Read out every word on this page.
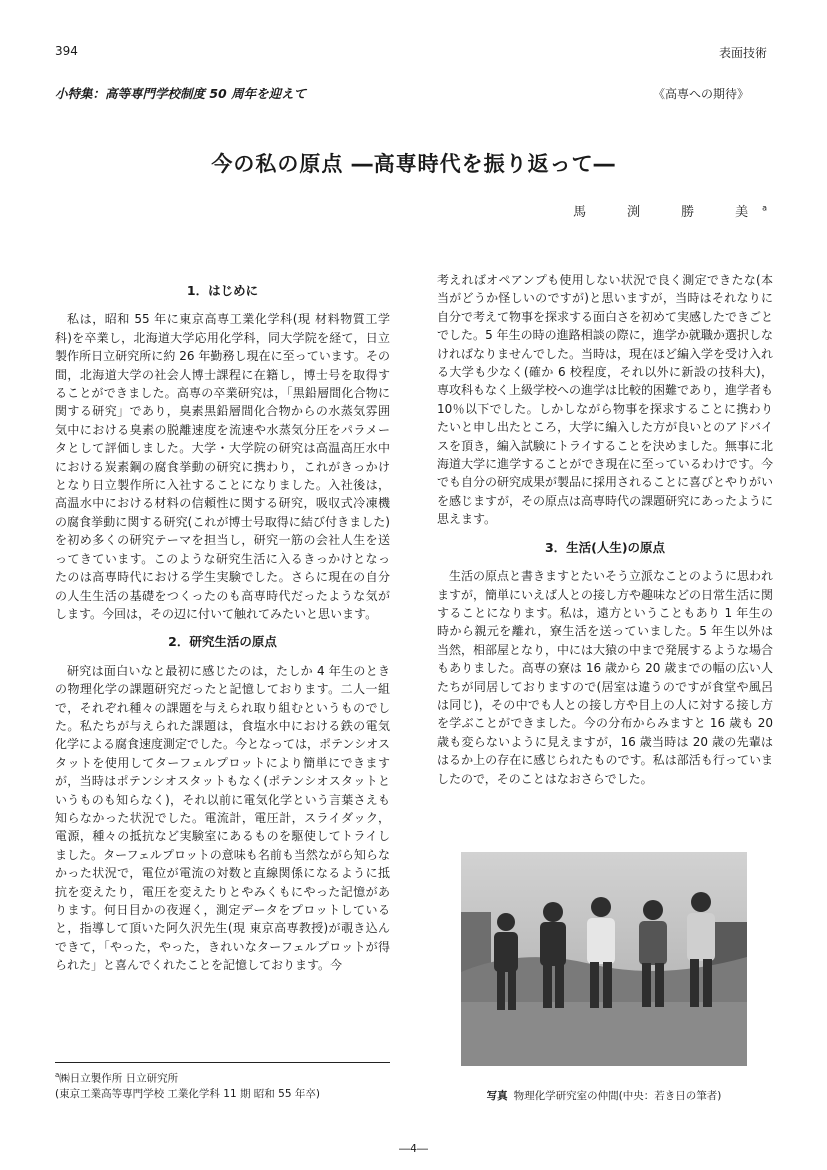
394	表面技術
小特集：高等専門学校制度 50 周年を迎えて	《高専への期待》
今の私の原点 ―高専時代を振り返って―
馬　渕　勝　美$^a$
1．はじめに

私は，昭和 55 年に東京高専工業化学科(現 材料物質工学科)を卒業し，北海道大学応用化学科，同大学院を経て，日立製作所日立研究所に約 26 年勤務し現在に至っています。その間，北海道大学の社会人博士課程に在籍し，博士号を取得することができました。高専の卒業研究は，「黒鉛層間化合物に関する研究」であり，臭素黒鉛層間化合物からの水蒸気雰囲気中における臭素の脱離速度を流速や水蒸気分圧をパラメータとして評価しました。大学・大学院の研究は高温高圧水中における炭素鋼の腐食挙動の研究に携わり，これがきっかけとなり日立製作所に入社することになりました。入社後は，高温水中における材料の信頼性に関する研究，吸収式冷凍機の腐食挙動に関する研究(これが博士号取得に結び付きました)を初め多くの研究テーマを担当し，研究一筋の会社人生を送ってきています。このような研究生活に入るきっかけとなったのは高専時代における学生実験でした。さらに現在の自分の人生生活の基礎をつくったのも高専時代だったような気がします。今回は，その辺に付いて触れてみたいと思います。

2．研究生活の原点

研究は面白いなと最初に感じたのは，たしか 4 年生のときの物理化学の課題研究だったと記憶しております。二人一組で，それぞれ種々の課題を与えられ取り組むというものでした。私たちが与えられた課題は，食塩水中における鉄の電気化学による腐食速度測定でした。今となっては，ポテンシオスタットを使用してターフェルプロットにより簡単にできますが，当時はポテンシオスタットもなく(ポテンシオスタットというものも知らなく)，それ以前に電気化学という言葉さえも知らなかった状況でした。電流計，電圧計，スライダック，電源，種々の抵抗など実験室にあるものを駆使してトライしました。ターフェルプロットの意味も名前も当然ながら知らなかった状況で，電位が電流の対数と直線関係になるように抵抗を変えたり，電圧を変えたりとやみくもにやった記憶があります。何日目かの夜遅く，測定データをプロットしていると，指導して頂いた阿久沢先生(現 東京高専教授)が覗き込んできて，「やった，やった，きれいなターフェルプロットが得られた」と喜んでくれたことを記憶しております。今

考えればオペアンプも使用しない状況で良く測定できたな(本当がどうか怪しいのですが)と思いますが，当時はそれなりに自分で考えて物事を探求する面白さを初めて実感したできごとでした。5 年生の時の進路相談の際に，進学か就職か選択しなければなりませんでした。当時は，現在ほど編入学を受け入れる大学も少なく(確か 6 校程度，それ以外に新設の技科大)，専攻科もなく上級学校への進学は比較的困難であり，進学者も 10％以下でした。しかしながら物事を探求することに携わりたいと申し出たところ，大学に編入した方が良いとのアドバイスを頂き，編入試験にトライすることを決めました。無事に北海道大学に進学することができ現在に至っているわけです。今でも自分の研究成果が製品に採用されることに喜びとやりがいを感じますが，その原点は高専時代の課題研究にあったように思えます。

3．生活(人生)の原点

生活の原点と書きますとたいそう立派なことのように思われますが，簡単にいえば人との接し方や趣味などの日常生活に関することになります。私は，遠方ということもあり 1 年生の時から親元を離れ，寮生活を送っていました。5 年生以外は当然，相部屋となり，中には大猿の中まで発展するような場合もありました。高専の寮は 16 歳から 20 歳までの幅の広い人たちが同居しておりますので(居室は違うのですが食堂や風呂は同じ)，その中でも人との接し方や目上の人に対する接し方を学ぶことができました。今の分布からみますと 16 歳も 20 歳も変らないように見えますが，16 歳当時は 20 歳の先輩ははるか上の存在に感じられたものです。私は部活も行っていましたので，そのことはなおさらでした。

写真 物理化学研究室の仲間(中央：若き日の筆者)
$^a$㈱日立製作所 日立研究所
(東京工業高等専門学校 工業化学科 11 期 昭和 55 年卒)
―4―
